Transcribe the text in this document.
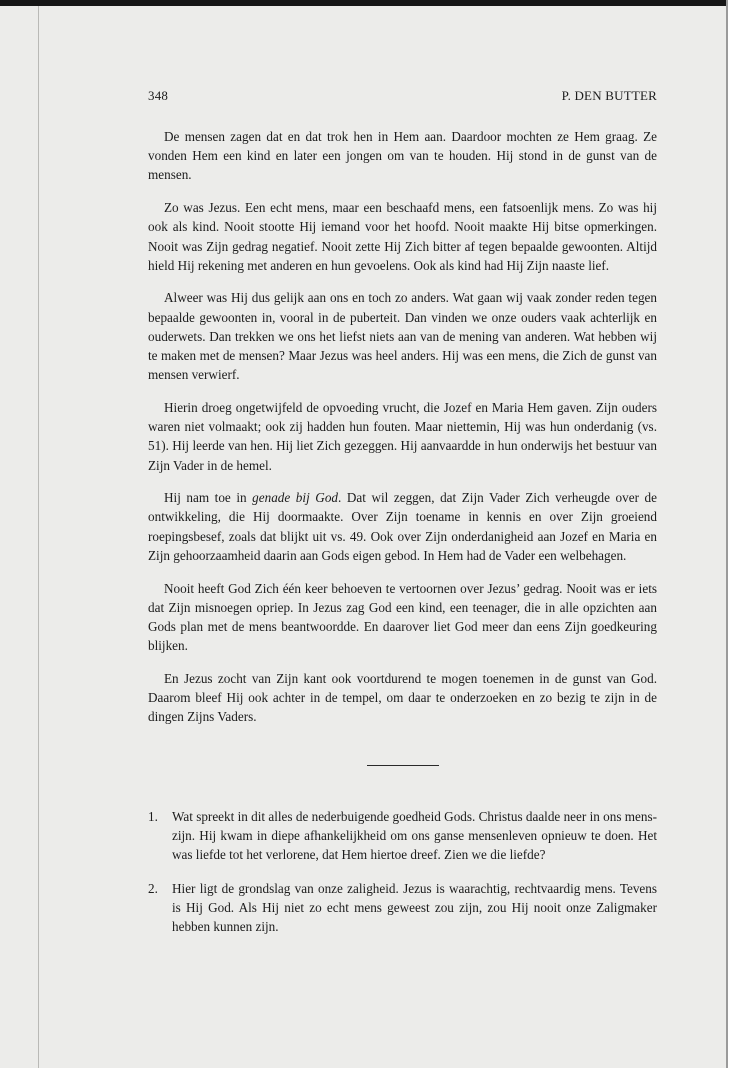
348	P. DEN BUTTER

De mensen zagen dat en dat trok hen in Hem aan. Daardoor mochten ze Hem graag. Ze vonden Hem een kind en later een jongen om van te houden. Hij stond in de gunst van de mensen.

Zo was Jezus. Een echt mens, maar een beschaafd mens, een fatsoenlijk mens. Zo was hij ook als kind. Nooit stootte Hij iemand voor het hoofd. Nooit maakte Hij bitse opmerkingen. Nooit was Zijn gedrag negatief. Nooit zette Hij Zich bitter af tegen bepaalde gewoonten. Altijd hield Hij rekening met anderen en hun gevoelens. Ook als kind had Hij Zijn naaste lief.

Alweer was Hij dus gelijk aan ons en toch zo anders. Wat gaan wij vaak zonder reden tegen bepaalde gewoonten in, vooral in de puberteit. Dan vinden we onze ouders vaak achterlijk en ouderwets. Dan trekken we ons het liefst niets aan van de mening van anderen. Wat hebben wij te maken met de mensen? Maar Jezus was heel anders. Hij was een mens, die Zich de gunst van mensen verwierf.

Hierin droeg ongetwijfeld de opvoeding vrucht, die Jozef en Maria Hem gaven. Zijn ouders waren niet volmaakt; ook zij hadden hun fouten. Maar niettemin, Hij was hun onderdanig (vs. 51). Hij leerde van hen. Hij liet Zich gezeggen. Hij aanvaardde in hun onderwijs het bestuur van Zijn Vader in de hemel.

Hij nam toe in genade bij God. Dat wil zeggen, dat Zijn Vader Zich verheugde over de ontwikkeling, die Hij doormaakte. Over Zijn toename in kennis en over Zijn groeiend roepingsbesef, zoals dat blijkt uit vs. 49. Ook over Zijn onderdanigheid aan Jozef en Maria en Zijn gehoorzaamheid daarin aan Gods eigen gebod. In Hem had de Vader een welbehagen.

Nooit heeft God Zich één keer behoeven te vertoornen over Jezus’ gedrag. Nooit was er iets dat Zijn misnoegen opriep. In Jezus zag God een kind, een teenager, die in alle opzichten aan Gods plan met de mens beantwoordde. En daarover liet God meer dan eens Zijn goedkeuring blijken.

En Jezus zocht van Zijn kant ook voortdurend te mogen toenemen in de gunst van God. Daarom bleef Hij ook achter in de tempel, om daar te onderzoeken en zo bezig te zijn in de dingen Zijns Vaders.

1.	Wat spreekt in dit alles de nederbuigende goedheid Gods. Christus daalde neer in ons mens-zijn. Hij kwam in diepe afhankelijkheid om ons ganse mensenleven opnieuw te doen. Het was liefde tot het verlorene, dat Hem hiertoe dreef. Zien we die liefde?
2.	Hier ligt de grondslag van onze zaligheid. Jezus is waarachtig, rechtvaardig mens. Tevens is Hij God. Als Hij niet zo echt mens geweest zou zijn, zou Hij nooit onze Zaligmaker hebben kunnen zijn.
